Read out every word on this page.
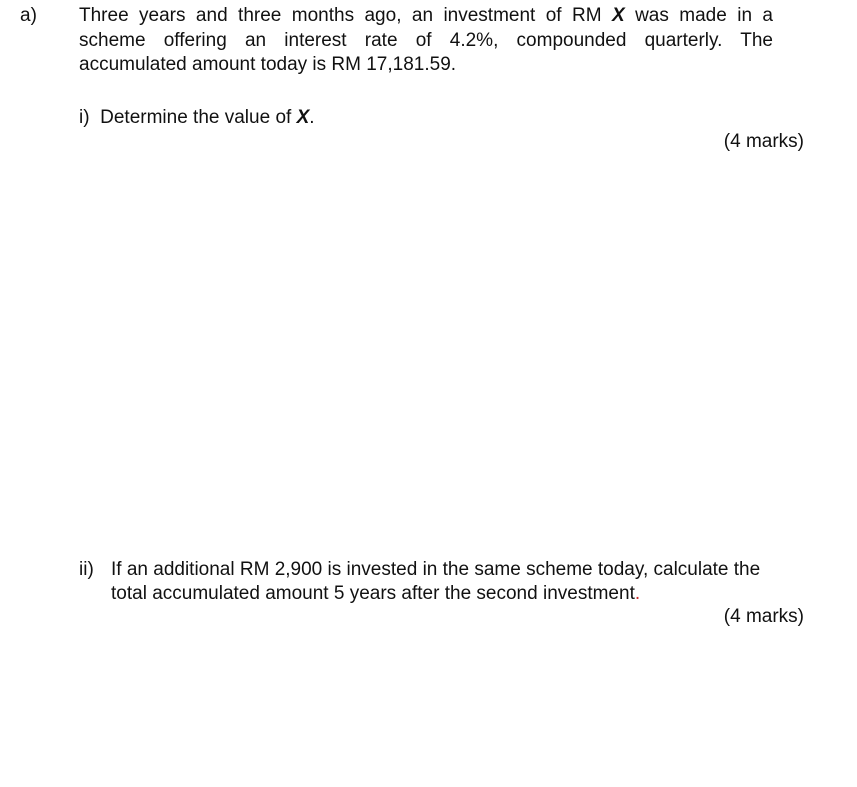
a) Three years and three months ago, an investment of RM X was made in a
scheme offering an interest rate of 4.2%, compounded quarterly. The
accumulated amount today is RM 17,181.59.
i) Determine the value of X.
(4 marks)
ii) If an additional RM 2,900 is invested in the same scheme today, calculate the
total accumulated amount 5 years after the second investment.
(4 marks)
